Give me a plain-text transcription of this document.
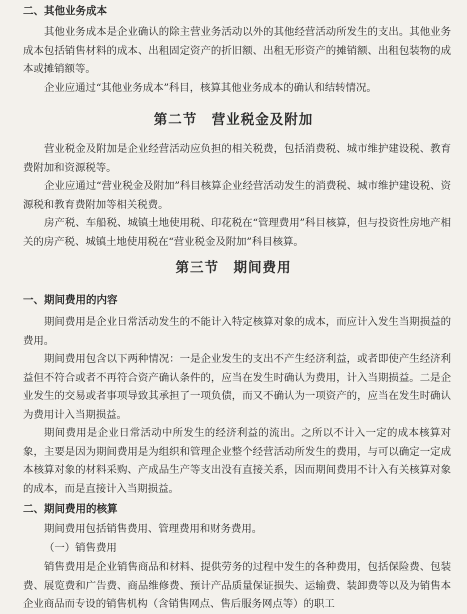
二、其他业务成本

其他业务成本是企业确认的除主营业务活动以外的其他经营活动所发生的支出。其他业务成本包括销售材料的成本、出租固定资产的折旧额、出租无形资产的摊销额、出租包装物的成本或摊销额等。

企业应通过“其他业务成本”科目，核算其他业务成本的确认和结转情况。

第二节　营业税金及附加

营业税金及附加是企业经营活动应负担的相关税费，包括消费税、城市维护建设税、教育费附加和资源税等。

企业应通过“营业税金及附加”科目核算企业经营活动发生的消费税、城市维护建设税、资源税和教育费附加等相关税费。

房产税、车船税、城镇土地使用税、印花税在“管理费用”科目核算，但与投资性房地产相关的房产税、城镇土地使用税在“营业税金及附加”科目核算。

第三节　期间费用
一、期间费用的内容

期间费用是企业日常活动发生的不能计入特定核算对象的成本，而应计入发生当期损益的费用。

期间费用包含以下两种情况：一是企业发生的支出不产生经济利益，或者即使产生经济利益但不符合或者不再符合资产确认条件的，应当在发生时确认为费用，计入当期损益。二是企业发生的交易或者事项导致其承担了一项负债，而又不确认为一项资产的，应当在发生时确认为费用计入当期损益。

期间费用是企业日常活动中所发生的经济利益的流出。之所以不计入一定的成本核算对象，主要是因为期间费用是为组织和管理企业整个经营活动所发生的费用，与可以确定一定成本核算对象的材料采购、产成品生产等支出没有直接关系，因而期间费用不计入有关核算对象的成本，而是直接计入当期损益。

二、期间费用的核算

期间费用包括销售费用、管理费用和财务费用。

（一）销售费用

销售费用是企业销售商品和材料、提供劳务的过程中发生的各种费用，包括保险费、包装费、展览费和广告费、商品维修费、预计产品质量保证损失、运输费、装卸费等以及为销售本企业商品而专设的销售机构（含销售网点、售后服务网点等）的职工
